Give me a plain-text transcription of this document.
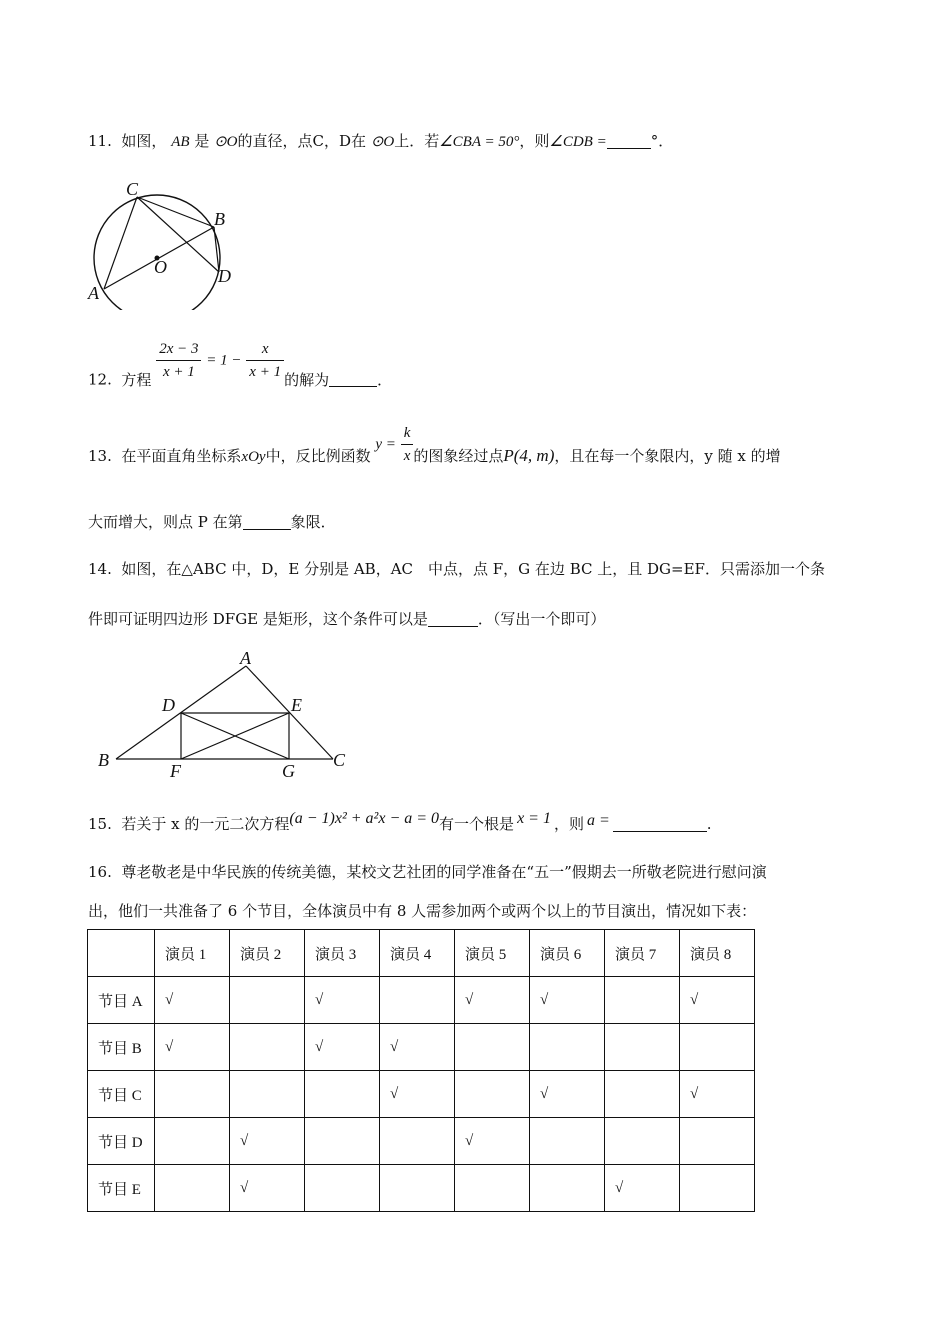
11. 如图， AB 是 ⊙O的直径，点C，D在 ⊙O上．若∠CBA = 50°，则∠CDB =	°．
C
B
O
A
D
12. 方程 $\frac{2x - 3}{x + 1} = 1 - \frac{x}{x + 1}$ 的解为	．
13. 在平面直角坐标系xOy中，反比例函数 $y = \frac{k}{x}$ 的图象经过点P(4, m)，且在每一个象限内，y 随 x 的增
大而增大，则点 P 在第	象限．
14. 如图，在△ABC 中，D，E 分别是 AB，AC　中点，点 F，G 在边 BC 上，且 DG=EF．只需添加一个条
件即可证明四边形 DFGE 是矩形，这个条件可以是	．（写出一个即可）
A
D	E
B
F	G
C
15. 若关于 x 的一元二次方程(a − 1)x² + a²x − a = 0有一个根是 x = 1 ，则 a =	.
16. 尊老敬老是中华民族的传统美德，某校文艺社团的同学准备在“五一”假期去一所敬老院进行慰问演
出，他们一共准备了 6 个节目，全体演员中有 8 人需参加两个或两个以上的节目演出，情况如下表：
	演员 1	演员 2	演员 3	演员 4	演员 5	演员 6	演员 7	演员 8
节目 A	√		√		√	√		√
节目 B	√		√	√				
节目 C				√		√		√
节目 D		√			√			
节目 E		√					√	
